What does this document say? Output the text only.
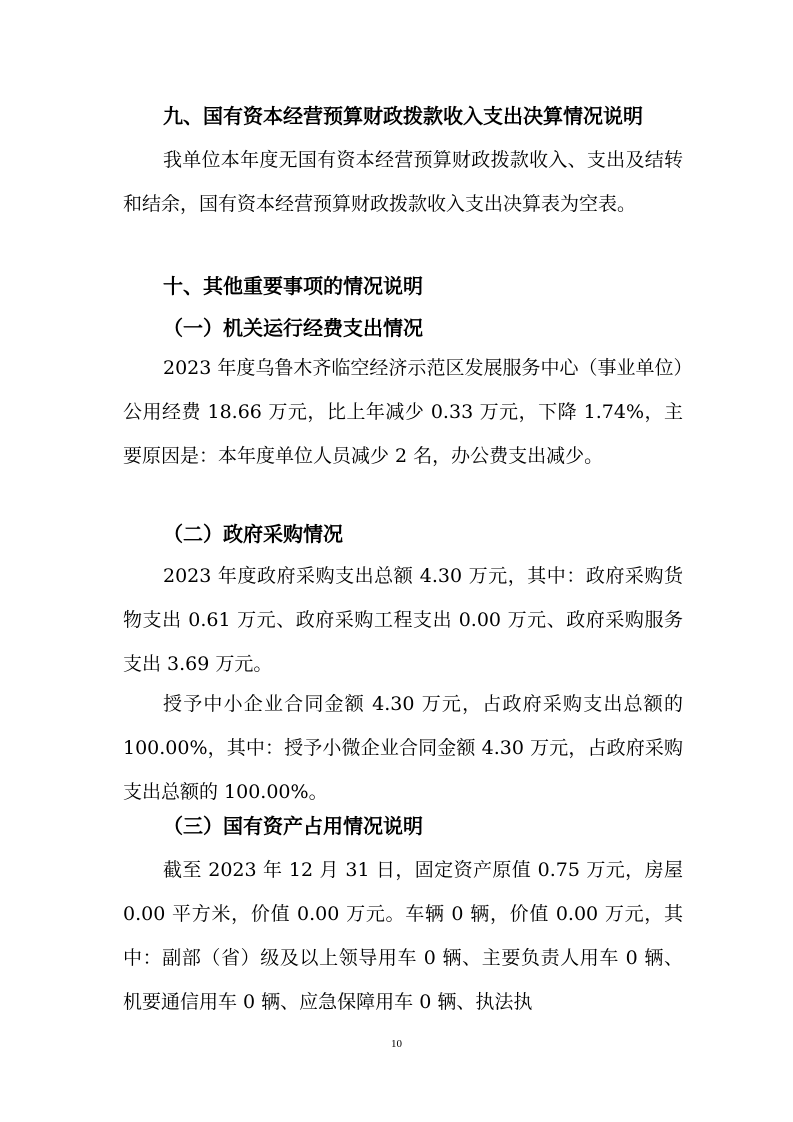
九、国有资本经营预算财政拨款收入支出决算情况说明

我单位本年度无国有资本经营预算财政拨款收入、支出及结转和结余，国有资本经营预算财政拨款收入支出决算表为空表。

十、其他重要事项的情况说明
（一）机关运行经费支出情况

2023 年度乌鲁木齐临空经济示范区发展服务中心（事业单位）公用经费 18.66 万元，比上年减少 0.33 万元，下降 1.74%，主要原因是：本年度单位人员减少 2 名，办公费支出减少。

（二）政府采购情况

2023 年度政府采购支出总额 4.30 万元，其中：政府采购货物支出 0.61 万元、政府采购工程支出 0.00 万元、政府采购服务支出 3.69 万元。

授予中小企业合同金额 4.30 万元，占政府采购支出总额的 100.00%，其中：授予小微企业合同金额 4.30 万元，占政府采购支出总额的 100.00%。

（三）国有资产占用情况说明

截至 2023 年 12 月 31 日，固定资产原值 0.75 万元，房屋 0.00 平方米，价值 0.00 万元。车辆 0 辆，价值 0.00 万元，其中：副部（省）级及以上领导用车 0 辆、主要负责人用车 0 辆、机要通信用车 0 辆、应急保障用车 0 辆、执法执

10
